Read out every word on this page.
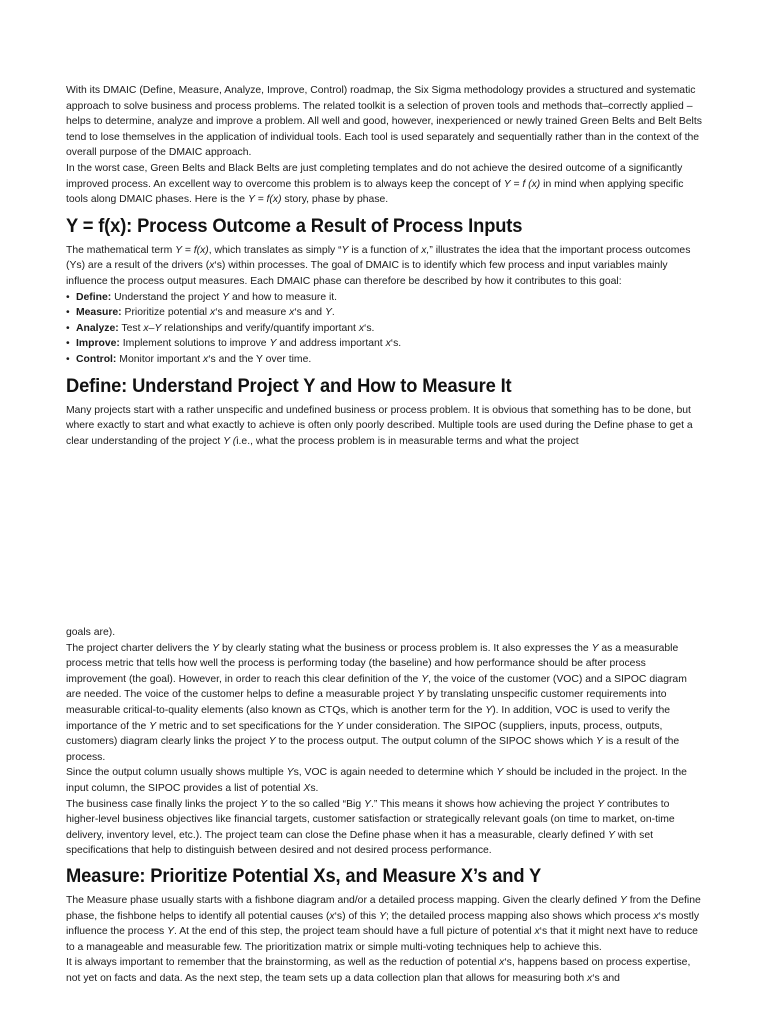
With its DMAIC (Define, Measure, Analyze, Improve, Control) roadmap, the Six Sigma methodology provides a structured and systematic approach to solve business and process problems. The related toolkit is a selection of proven tools and methods that–correctly applied – helps to determine, analyze and improve a problem. All well and good, however, inexperienced or newly trained Green Belts and Belt Belts tend to lose themselves in the application of individual tools. Each tool is used separately and sequentially rather than in the context of the overall purpose of the DMAIC approach.

In the worst case, Green Belts and Black Belts are just completing templates and do not achieve the desired outcome of a significantly improved process. An excellent way to overcome this problem is to always keep the concept of Y = f (x) in mind when applying specific tools along DMAIC phases. Here is the Y = f(x) story, phase by phase.

Y = f(x): Process Outcome a Result of Process Inputs

The mathematical term Y = f(x), which translates as simply “Y is a function of x,” illustrates the idea that the important process outcomes (Ys) are a result of the drivers (x‘s) within processes. The goal of DMAIC is to identify which few process and input variables mainly influence the process output measures. Each DMAIC phase can therefore be described by how it contributes to this goal:

• Define: Understand the project Y and how to measure it.
• Measure: Prioritize potential x‘s and measure x‘s and Y.
• Analyze: Test x–Y relationships and verify/quantify important x‘s.
• Improve: Implement solutions to improve Y and address important x‘s.
• Control: Monitor important x‘s and the Y over time.
Define: Understand Project Y and How to Measure It

Many projects start with a rather unspecific and undefined business or process problem. It is obvious that something has to be done, but where exactly to start and what exactly to achieve is often only poorly described. Multiple tools are used during the Define phase to get a clear understanding of the project Y (i.e., what the process problem is in measurable terms and what the project

goals are).

The project charter delivers the Y by clearly stating what the business or process problem is. It also expresses the Y as a measurable process metric that tells how well the process is performing today (the baseline) and how performance should be after process improvement (the goal). However, in order to reach this clear definition of the Y, the voice of the customer (VOC) and a SIPOC diagram are needed. The voice of the customer helps to define a measurable project Y by translating unspecific customer requirements into measurable critical-to-quality elements (also known as CTQs, which is another term for the Y). In addition, VOC is used to verify the importance of the Y metric and to set specifications for the Y under consideration. The SIPOC (suppliers, inputs, process, outputs, customers) diagram clearly links the project Y to the process output. The output column of the SIPOC shows which Y is a result of the process.

Since the output column usually shows multiple Ys, VOC is again needed to determine which Y should be included in the project. In the input column, the SIPOC provides a list of potential Xs.

The business case finally links the project Y to the so called “Big Y.” This means it shows how achieving the project Y contributes to higher-level business objectives like financial targets, customer satisfaction or strategically relevant goals (on time to market, on-time delivery, inventory level, etc.). The project team can close the Define phase when it has a measurable, clearly defined Y with set specifications that help to distinguish between desired and not desired process performance.

Measure: Prioritize Potential Xs, and Measure X’s and Y

The Measure phase usually starts with a fishbone diagram and/or a detailed process mapping. Given the clearly defined Y from the Define phase, the fishbone helps to identify all potential causes (x‘s) of this Y; the detailed process mapping also shows which process x‘s mostly influence the process Y. At the end of this step, the project team should have a full picture of potential x‘s that it might next have to reduce to a manageable and measurable few. The prioritization matrix or simple multi-voting techniques help to achieve this.

It is always important to remember that the brainstorming, as well as the reduction of potential x‘s, happens based on process expertise, not yet on facts and data. As the next step, the team sets up a data collection plan that allows for measuring both x‘s and
